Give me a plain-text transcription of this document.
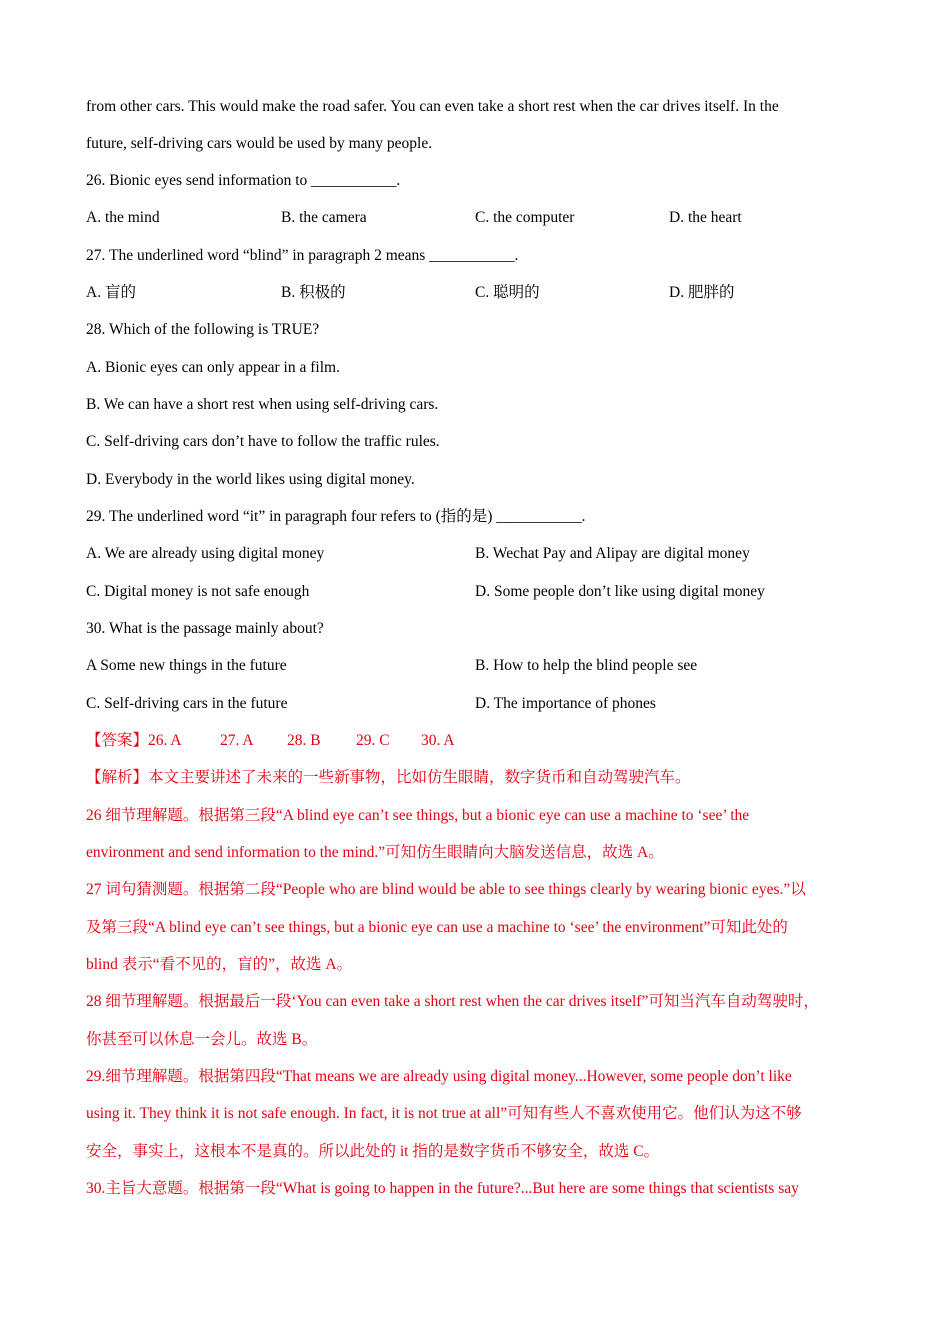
from other cars. This would make the road safer. You can even take a short rest when the car drives itself. In the
future, self-driving cars would be used by many people.
26. Bionic eyes send information to ___________.
A. the mind	B. the camera	C. the computer	D. the heart
27. The underlined word “blind” in paragraph 2 means ___________.
A. 盲的	B. 积极的	C. 聪明的	D. 肥胖的
28. Which of the following is TRUE?
A. Bionic eyes can only appear in a film.
B. We can have a short rest when using self-driving cars.
C. Self-driving cars don’t have to follow the traffic rules.
D. Everybody in the world likes using digital money.
29. The underlined word “it” in paragraph four refers to (指的是) ___________.
A. We are already using digital money	B. Wechat Pay and Alipay are digital money
C. Digital money is not safe enough	D. Some people don’t like using digital money
30. What is the passage mainly about?
A Some new things in the future	B. How to help the blind people see
C. Self-driving cars in the future	D. The importance of phones
【答案】26. A 27. A 28. B 29. C 30. A
【解析】本文主要讲述了未来的一些新事物，比如仿生眼睛，数字货币和自动驾驶汽车。
26 细节理解题。根据第三段“A blind eye can’t see things, but a bionic eye can use a machine to ‘see’ the
environment and send information to the mind.”可知仿生眼睛向大脑发送信息，故选 A。
27 词句猜测题。根据第二段“People who are blind would be able to see things clearly by wearing bionic eyes.”以
及第三段“A blind eye can’t see things, but a bionic eye can use a machine to ‘see’ the environment”可知此处的
blind 表示“看不见的，盲的”，故选 A。
28 细节理解题。根据最后一段‘You can even take a short rest when the car drives itself”可知当汽车自动驾驶时，
你甚至可以休息一会儿。故选 B。
29.细节理解题。根据第四段“That means we are already using digital money...However, some people don’t like
using it. They think it is not safe enough. In fact, it is not true at all”可知有些人不喜欢使用它。他们认为这不够
安全，事实上，这根本不是真的。所以此处的 it 指的是数字货币不够安全，故选 C。
30.主旨大意题。根据第一段“What is going to happen in the future?...But here are some things that scientists say
